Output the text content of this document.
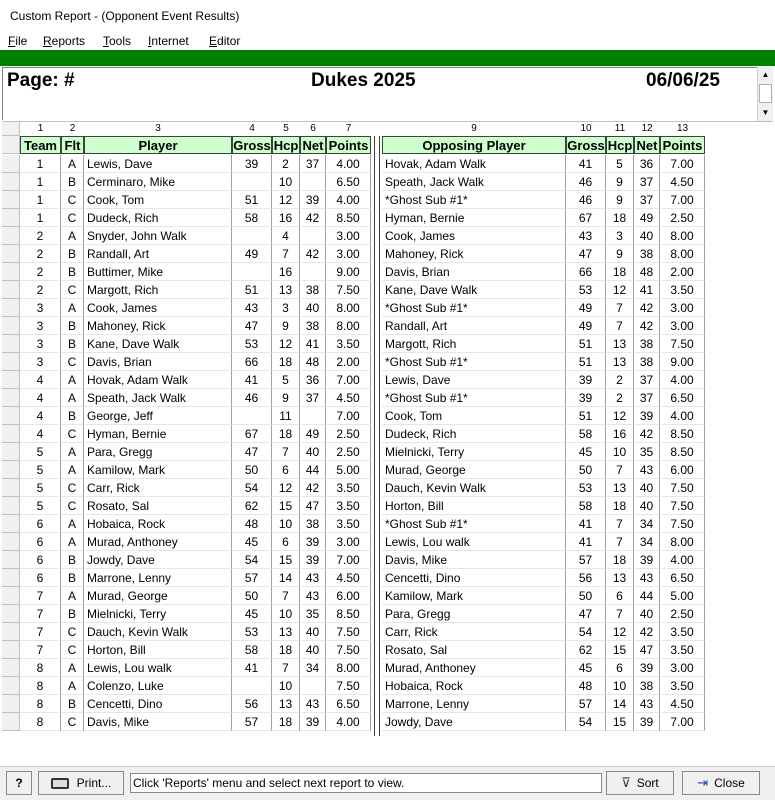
Custom Report - (Opponent Event Results)
File Reports Tools Internet Editor
Page: #	Dukes 2025	06/06/25	▲
▼
1	2	3	4	5	6	7	9	10	11	12	13
Team Flt	Player	Gross Hcp Net Points	Opposing Player	Gross Hcp Net Points
1	A Lewis, Dave	39	2	37	4.00	Hovak, Adam Walk	41	5	36	7.00
1	B Cerminaro, Mike	10	6.50	Speath, Jack Walk	46	9	37	4.50
1	C Cook, Tom	51	12	39	4.00	*Ghost Sub #1*	46	9	37	7.00
1	C Dudeck, Rich	58	16	42	8.50	Hyman, Bernie	67	18	49	2.50
2	A Snyder, John Walk	4	3.00	Cook, James	43	3	40	8.00
2	B Randall, Art	49	7	42	3.00	Mahoney, Rick	47	9	38	8.00
2	B Buttimer, Mike	16	9.00	Davis, Brian	66	18	48	2.00
2	C Margott, Rich	51	13	38	7.50	Kane, Dave Walk	53	12	41	3.50
3	A Cook, James	43	3	40	8.00	*Ghost Sub #1*	49	7	42	3.00
3	B Mahoney, Rick	47	9	38	8.00	Randall, Art	49	7	42	3.00
3	B Kane, Dave Walk	53	12	41	3.50	Margott, Rich	51	13	38	7.50
3	C Davis, Brian	66	18	48	2.00	*Ghost Sub #1*	51	13	38	9.00
4	A Hovak, Adam Walk	41	5	36	7.00	Lewis, Dave	39	2	37	4.00
4	A Speath, Jack Walk	46	9	37	4.50	*Ghost Sub #1*	39	2	37	6.50
4	B George, Jeff	11	7.00	Cook, Tom	51	12	39	4.00
4	C Hyman, Bernie	67	18	49	2.50	Dudeck, Rich	58	16	42	8.50
5	A Para, Gregg	47	7	40	2.50	Mielnicki, Terry	45	10	35	8.50
5	A Kamilow, Mark	50	6	44	5.00	Murad, George	50	7	43	6.00
5	C Carr, Rick	54	12	42	3.50	Dauch, Kevin Walk	53	13	40	7.50
5	C Rosato, Sal	62	15	47	3.50	Horton, Bill	58	18	40	7.50
6	A Hobaica, Rock	48	10	38	3.50	*Ghost Sub #1*	41	7	34	7.50
6	A Murad, Anthoney	45	6	39	3.00	Lewis, Lou walk	41	7	34	8.00
6	B Jowdy, Dave	54	15	39	7.00	Davis, Mike	57	18	39	4.00
6	B Marrone, Lenny	57	14	43	4.50	Cencetti, Dino	56	13	43	6.50
7	A Murad, George	50	7	43	6.00	Kamilow, Mark	50	6	44	5.00
7	B Mielnicki, Terry	45	10	35	8.50	Para, Gregg	47	7	40	2.50
7	C Dauch, Kevin Walk	53	13	40	7.50	Carr, Rick	54	12	42	3.50
7	C Horton, Bill	58	18	40	7.50	Rosato, Sal	62	15	47	3.50
8	A Lewis, Lou walk	41	7	34	8.00	Murad, Anthoney	45	6	39	3.00
8	A Colenzo, Luke	10	7.50	Hobaica, Rock	48	10	38	3.50
8	B Cencetti, Dino	56	13	43	6.50	Marrone, Lenny	57	14	43	4.50
8	C Davis, Mike	57	18	39	4.00	Jowdy, Dave	54	15	39	7.00
?	Print...	Click 'Reports' menu and select next report to view.	⊽ Sort	⇥ Close
